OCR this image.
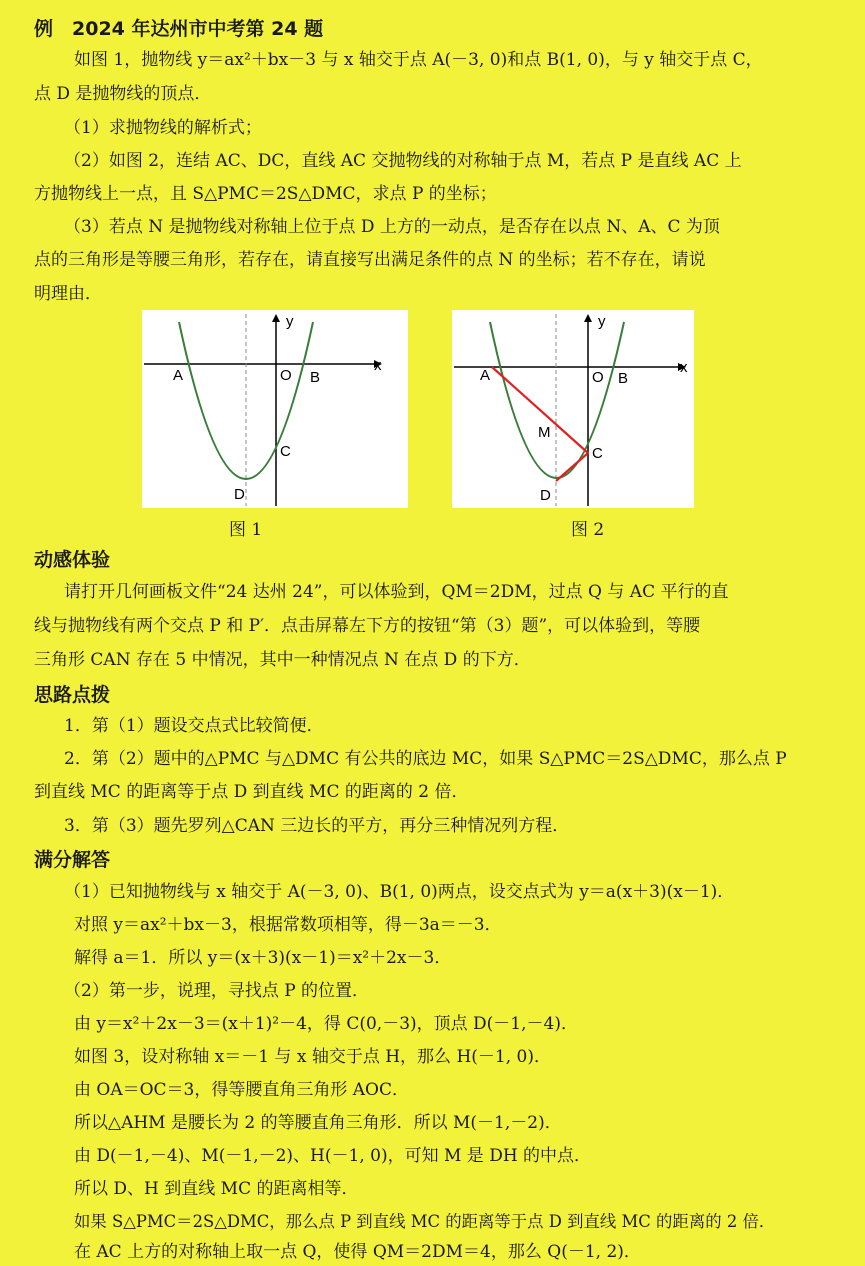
例　2024 年达州市中考第 24 题
如图 1，抛物线 y＝ax²＋bx－3 与 x 轴交于点 A(－3, 0)和点 B(1, 0)，与 y 轴交于点 C，
点 D 是抛物线的顶点．
（1）求抛物线的解析式；
（2）如图 2，连结 AC、DC，直线 AC 交抛物线的对称轴于点 M，若点 P 是直线 AC 上
方抛物线上一点，且 S△PMC＝2S△DMC，求点 P 的坐标；
（3）若点 N 是抛物线对称轴上位于点 D 上方的一动点，是否存在以点 N、A、C 为顶
点的三角形是等腰三角形，若存在，请直接写出满足条件的点 N 的坐标；若不存在，请说
明理由．
y
x
A	O B
C
D
图 1
y
x
A	O B
M
C
D
图 2
动感体验
请打开几何画板文件“24 达州 24”，可以体验到，QM＝2DM，过点 Q 与 AC 平行的直
线与抛物线有两个交点 P 和 P′．点击屏幕左下方的按钮“第（3）题”，可以体验到，等腰
三角形 CAN 存在 5 中情况，其中一种情况点 N 在点 D 的下方．
思路点拨
1．第（1）题设交点式比较简便．
2．第（2）题中的△PMC 与△DMC 有公共的底边 MC，如果 S△PMC＝2S△DMC，那么点 P
到直线 MC 的距离等于点 D 到直线 MC 的距离的 2 倍．
3．第（3）题先罗列△CAN 三边长的平方，再分三种情况列方程．
满分解答
（1）已知抛物线与 x 轴交于 A(－3, 0)、B(1, 0)两点，设交点式为 y＝a(x＋3)(x－1)．
对照 y＝ax²＋bx－3，根据常数项相等，得－3a＝－3．
解得 a＝1．所以 y＝(x＋3)(x－1)＝x²＋2x－3．
（2）第一步，说理，寻找点 P 的位置．
由 y＝x²＋2x－3＝(x＋1)²－4，得 C(0,－3)，顶点 D(－1,－4)．
如图 3，设对称轴 x＝－1 与 x 轴交于点 H，那么 H(－1, 0)．
由 OA＝OC＝3，得等腰直角三角形 AOC．
所以△AHM 是腰长为 2 的等腰直角三角形．所以 M(－1,－2)．
由 D(－1,－4)、M(－1,－2)、H(－1, 0)，可知 M 是 DH 的中点．
所以 D、H 到直线 MC 的距离相等．
如果 S△PMC＝2S△DMC，那么点 P 到直线 MC 的距离等于点 D 到直线 MC 的距离的 2 倍．
在 AC 上方的对称轴上取一点 Q，使得 QM＝2DM＝4，那么 Q(－1, 2)．
